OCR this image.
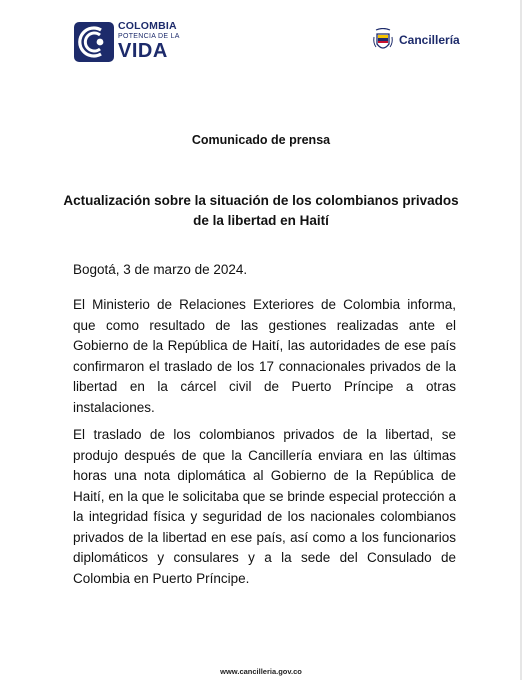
COLOMBIA
POTENCIA DE LA
VIDA	Cancillería
Comunicado de prensa
Actualización sobre la situación de los colombianos privados de la libertad en Haití
Bogotá, 3 de marzo de 2024.
El Ministerio de Relaciones Exteriores de Colombia informa, que como resultado de las gestiones realizadas ante el Gobierno de la República de Haití, las autoridades de ese país confirmaron el traslado de los 17 connacionales privados de la libertad en la cárcel civil de Puerto Príncipe a otras instalaciones.
El traslado de los colombianos privados de la libertad, se produjo después de que la Cancillería enviara en las últimas horas una nota diplomática al Gobierno de la República de Haití, en la que le solicitaba que se brinde especial protección a la integridad física y seguridad de los nacionales colombianos privados de la libertad en ese país, así como a los funcionarios diplomáticos y consulares y a la sede del Consulado de Colombia en Puerto Príncipe.
www.cancilleria.gov.co
